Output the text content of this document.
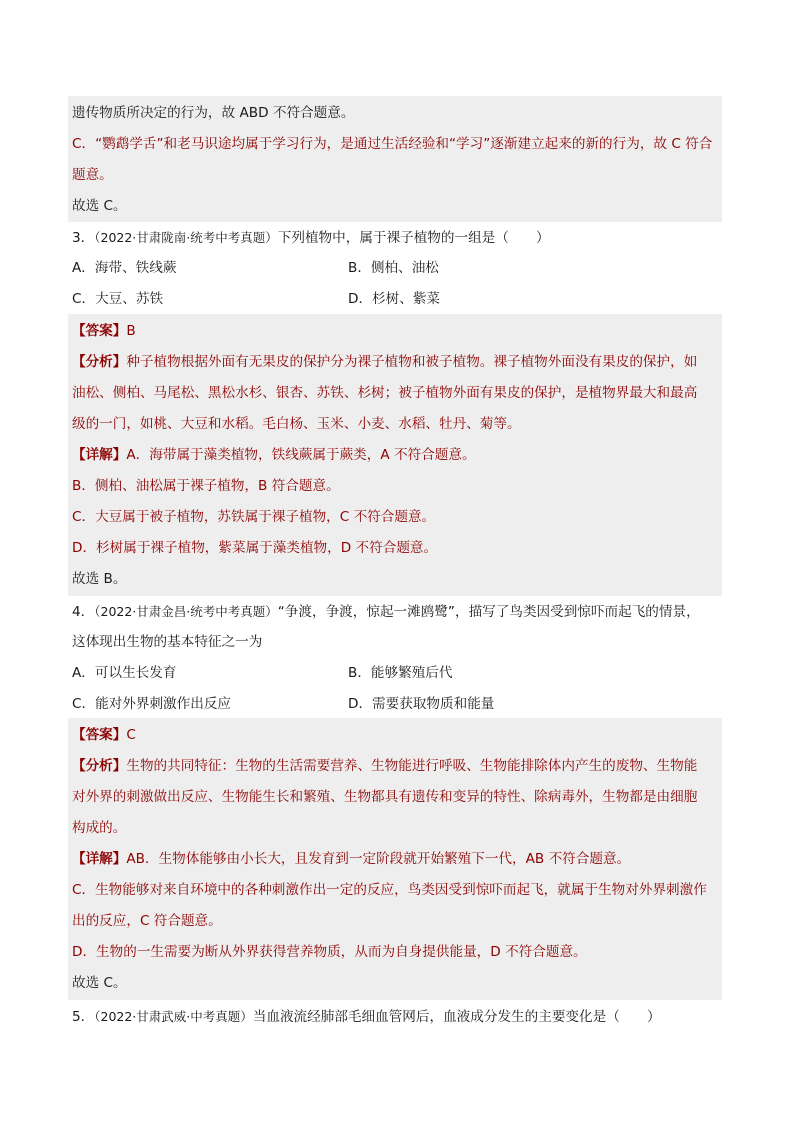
遗传物质所决定的行为，故 ABD 不符合题意。
C．“鹦鹉学舌”和老马识途均属于学习行为，是通过生活经验和“学习”逐渐建立起来的新的行为，故 C 符合
题意。
故选 C。
3．（2022·甘肃陇南·统考中考真题）下列植物中，属于裸子植物的一组是（　　）
A．海带、铁线蕨	B．侧柏、油松
C．大豆、苏铁	D．杉树、紫菜
【答案】B
【分析】种子植物根据外面有无果皮的保护分为裸子植物和被子植物。裸子植物外面没有果皮的保护，如
油松、侧柏、马尾松、黑松水杉、银杏、苏铁、杉树；被子植物外面有果皮的保护，是植物界最大和最高
级的一门，如桃、大豆和水稻。毛白杨、玉米、小麦、水稻、牡丹、菊等。
【详解】A．海带属于藻类植物，铁线蕨属于蕨类，A 不符合题意。
B．侧柏、油松属于裸子植物，B 符合题意。
C．大豆属于被子植物，苏铁属于裸子植物，C 不符合题意。
D．杉树属于裸子植物，紫菜属于藻类植物，D 不符合题意。
故选 B。
4．（2022·甘肃金昌·统考中考真题）“争渡，争渡，惊起一滩鸥鹭”，描写了鸟类因受到惊吓而起飞的情景，
这体现出生物的基本特征之一为
A．可以生长发育	B．能够繁殖后代
C．能对外界刺激作出反应	D．需要获取物质和能量
【答案】C
【分析】生物的共同特征：生物的生活需要营养、生物能进行呼吸、生物能排除体内产生的废物、生物能
对外界的刺激做出反应、生物能生长和繁殖、生物都具有遗传和变异的特性、除病毒外，生物都是由细胞
构成的。
【详解】AB．生物体能够由小长大，且发育到一定阶段就开始繁殖下一代，AB 不符合题意。
C．生物能够对来自环境中的各种刺激作出一定的反应，鸟类因受到惊吓而起飞，就属于生物对外界刺激作
出的反应，C 符合题意。
D．生物的一生需要为断从外界获得营养物质，从而为自身提供能量，D 不符合题意。
故选 C。
5．（2022·甘肃武威·中考真题）当血液流经肺部毛细血管网后，血液成分发生的主要变化是（　　）
